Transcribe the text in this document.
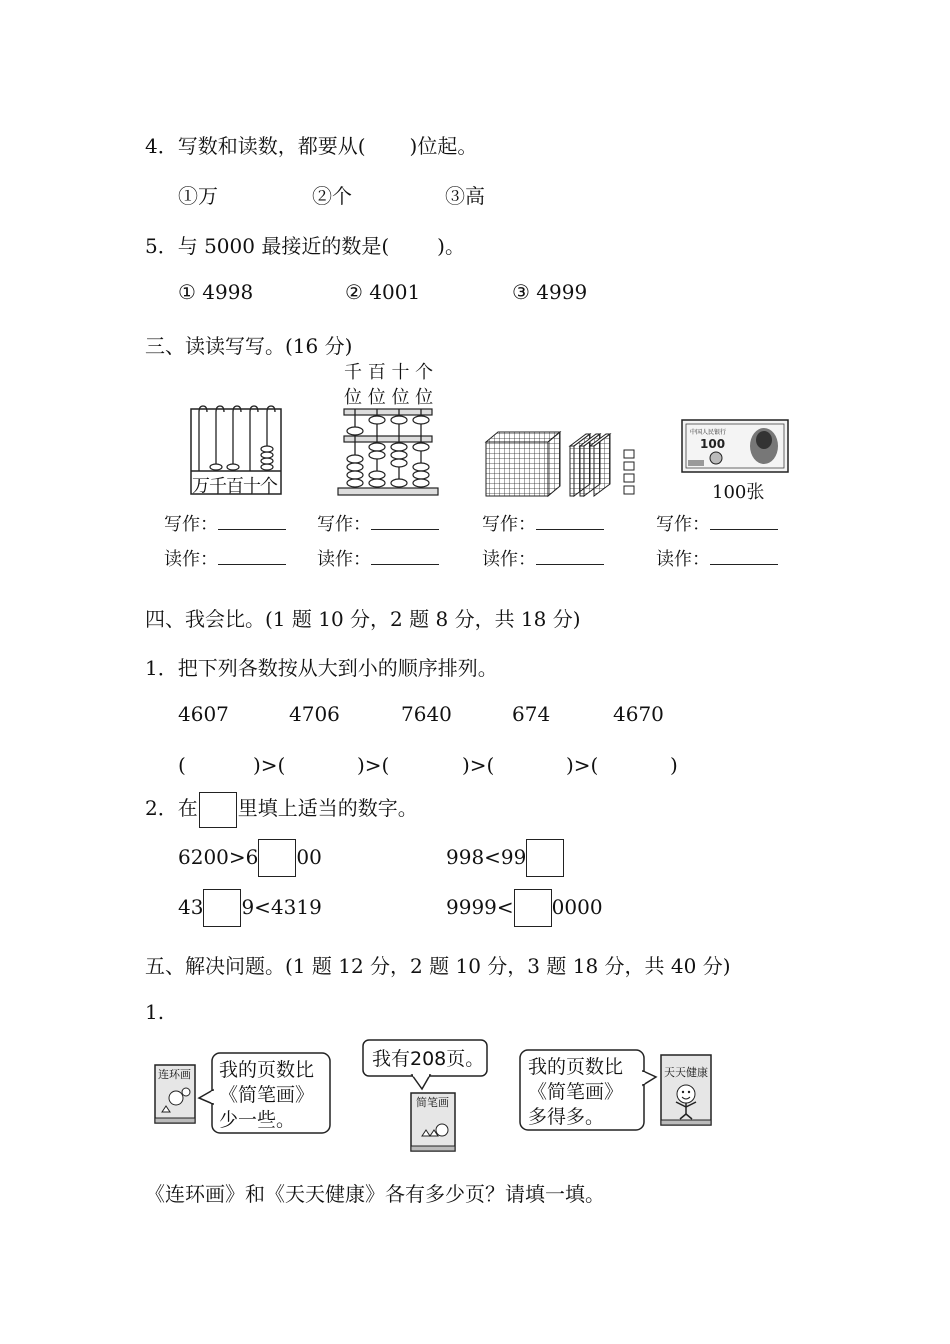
4．写数和读数，都要从( )位起。
①万	②个	③高
5．与 5000 最接近的数是( )。
① 4998	② 4001	③ 4999
三、读读写写。(16 分)
万千百十个
千 百 十 个
位 位 位 位
中国人民银行
100
100张
写作：	写作：	写作：	写作：
读作：	读作：	读作：	读作：
四、我会比。(1 题 10 分，2 题 8 分，共 18 分)
1．把下列各数按从大到小的顺序排列。
4607	4706	7640	674	4670
(	)>(	)>(	)>(	)>(	)
2．在 里填上适当的数字。
6200>6 00	998<99
43 9<4319	9999< 0000
五、解决问题。(1 题 12 分，2 题 10 分，3 题 18 分，共 40 分)
1.
连环画 我的页数比
《简笔画》
少一些。
我有208页。
简笔画
我的页数比
《简笔画》
多得多。
天天健康
《连环画》和《天天健康》各有多少页？请填一填。
